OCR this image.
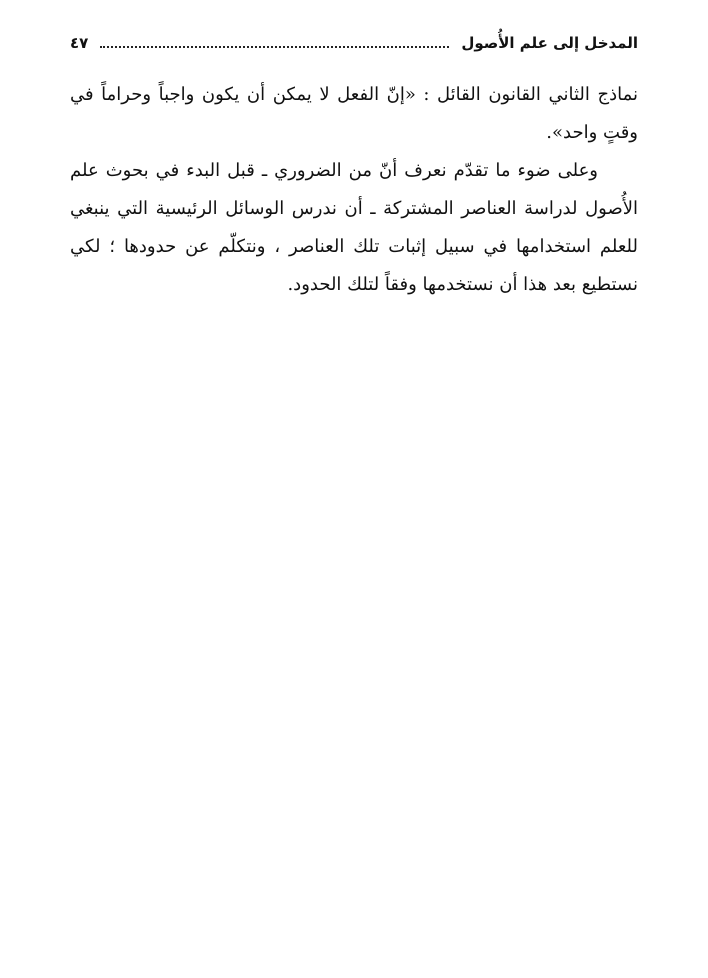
المدخل إلى علم الأُصول
٤٧

نماذج الثاني القانون القائل : «إنّ الفعل لا يمكن أن يكون واجباً وحراماً في وقتٍ واحد».

وعلى ضوء ما تقدّم نعرف أنّ من الضروري ـ قبل البدء في بحوث علم الأُصول لدراسة العناصر المشتركة ـ أن ندرس الوسائل الرئيسية التي ينبغي للعلم استخدامها في سبيل إثبات تلك العناصر ، ونتكلّم عن حدودها ؛ لكي نستطيع بعد هذا أن نستخدمها وفقاً لتلك الحدود.
